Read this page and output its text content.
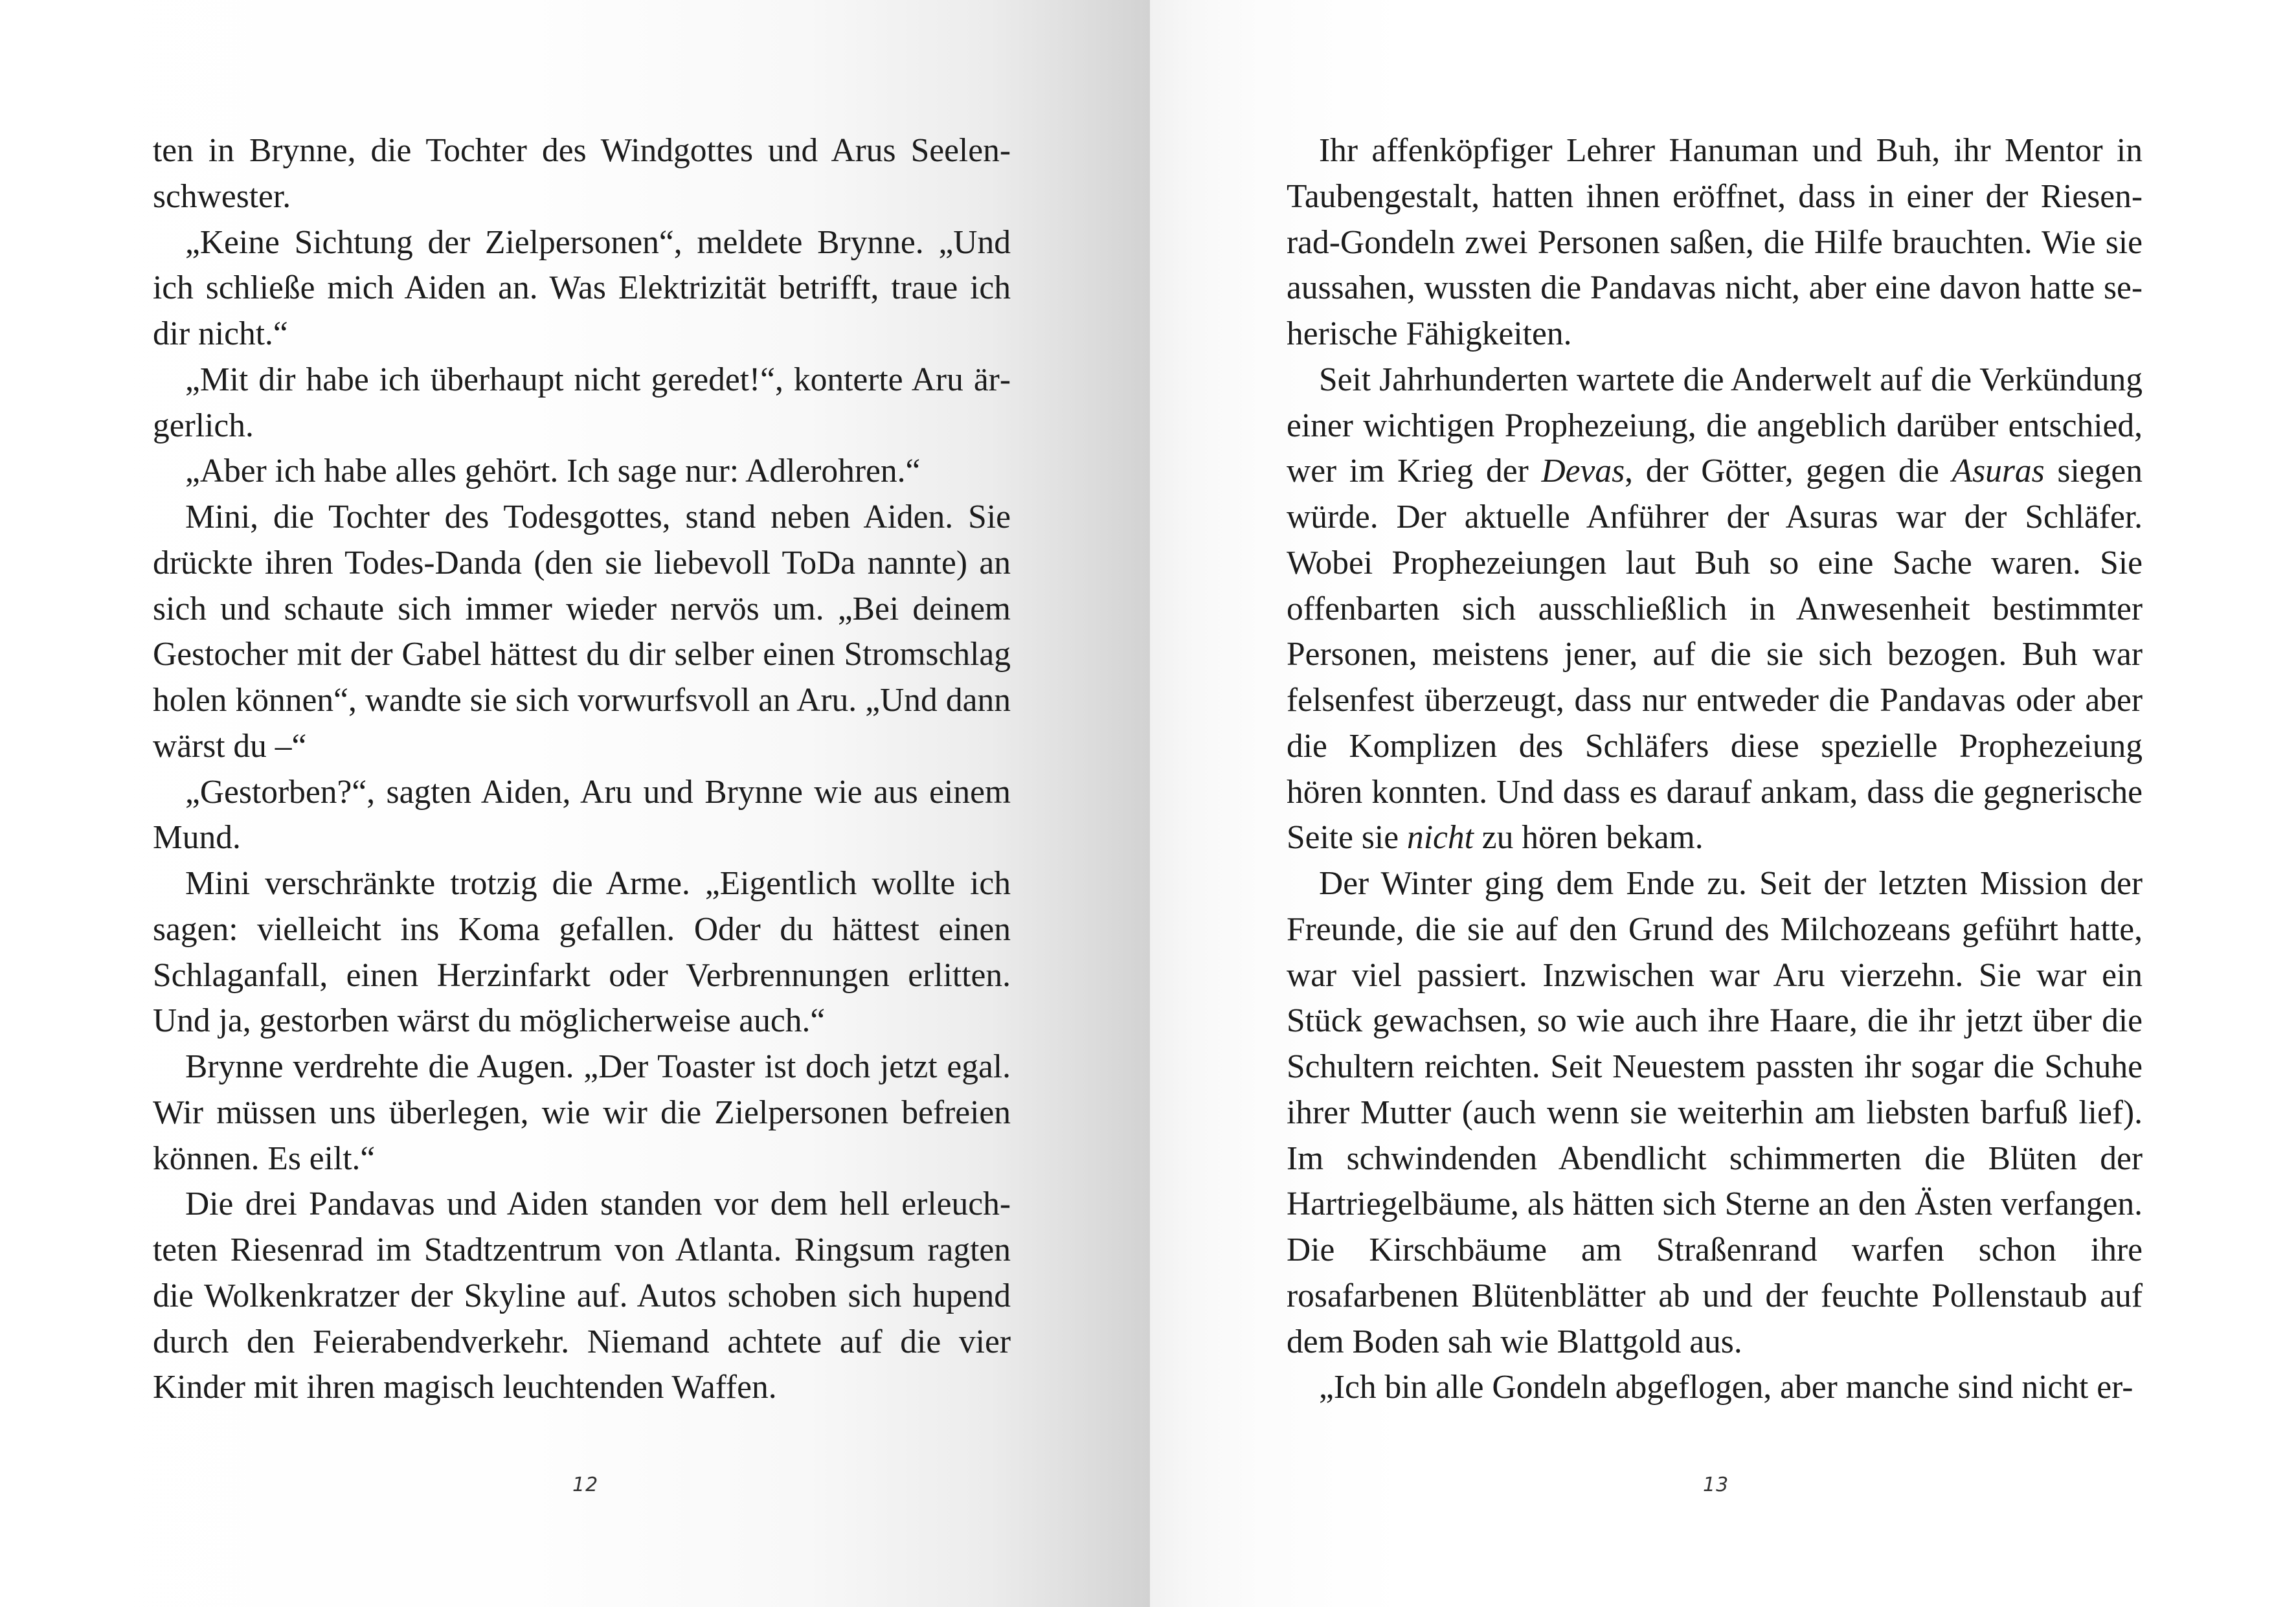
ten in Brynne, die Tochter des Windgottes und Arus Seelenschwester.

„Keine Sichtung der Zielpersonen“, meldete Brynne. „Und ich schließe mich Aiden an. Was Elektrizität betrifft, traue ich dir nicht.“

„Mit dir habe ich überhaupt nicht geredet!“, konterte Aru ärgerlich.

„Aber ich habe alles gehört. Ich sage nur: Adlerohren.“

Mini, die Tochter des Todesgottes, stand neben Aiden. Sie drückte ihren Todes-Danda (den sie liebevoll ToDa nannte) an sich und schaute sich immer wieder nervös um. „Bei deinem Gestocher mit der Gabel hättest du dir selber einen Stromschlag holen können“, wandte sie sich vorwurfsvoll an Aru. „Und dann wärst du –“

„Gestorben?“, sagten Aiden, Aru und Brynne wie aus einem Mund.

Mini verschränkte trotzig die Arme. „Eigentlich wollte ich sagen: vielleicht ins Koma gefallen. Oder du hättest einen Schlaganfall, einen Herzinfarkt oder Verbrennungen erlitten. Und ja, gestorben wärst du möglicherweise auch.“

Brynne verdrehte die Augen. „Der Toaster ist doch jetzt egal. Wir müssen uns überlegen, wie wir die Zielpersonen befreien können. Es eilt.“

Die drei Pandavas und Aiden standen vor dem hell erleuchteten Riesenrad im Stadtzentrum von Atlanta. Ringsum ragten die Wolkenkratzer der Skyline auf. Autos schoben sich hupend durch den Feierabendverkehr. Niemand achtete auf die vier Kinder mit ihren magisch leuchtenden Waffen.

12

Ihr affenköpfiger Lehrer Hanuman und Buh, ihr Mentor in Taubengestalt, hatten ihnen eröffnet, dass in einer der Riesenrad-Gondeln zwei Personen saßen, die Hilfe brauchten. Wie sie aussahen, wussten die Pandavas nicht, aber eine davon hatte seherische Fähigkeiten.

Seit Jahrhunderten wartete die Anderwelt auf die Verkündung einer wichtigen Prophezeiung, die angeblich darüber entschied, wer im Krieg der Devas, der Götter, gegen die Asuras siegen würde. Der aktuelle Anführer der Asuras war der Schläfer. Wobei Prophezeiungen laut Buh so eine Sache waren. Sie offenbarten sich ausschließlich in Anwesenheit bestimmter Personen, meistens jener, auf die sie sich bezogen. Buh war felsenfest überzeugt, dass nur entweder die Pandavas oder aber die Komplizen des Schläfers diese spezielle Prophezeiung hören konnten. Und dass es darauf ankam, dass die gegnerische Seite sie nicht zu hören bekam.

Der Winter ging dem Ende zu. Seit der letzten Mission der Freunde, die sie auf den Grund des Milchozeans geführt hatte, war viel passiert. Inzwischen war Aru vierzehn. Sie war ein Stück gewachsen, so wie auch ihre Haare, die ihr jetzt über die Schultern reichten. Seit Neuestem passten ihr sogar die Schuhe ihrer Mutter (auch wenn sie weiterhin am liebsten barfuß lief). Im schwindenden Abendlicht schimmerten die Blüten der Hartriegelbäume, als hätten sich Sterne an den Ästen verfangen. Die Kirschbäume am Straßenrand warfen schon ihre rosafarbenen Blütenblätter ab und der feuchte Pollenstaub auf dem Boden sah wie Blattgold aus.

„Ich bin alle Gondeln abgeflogen, aber manche sind nicht er-

13
